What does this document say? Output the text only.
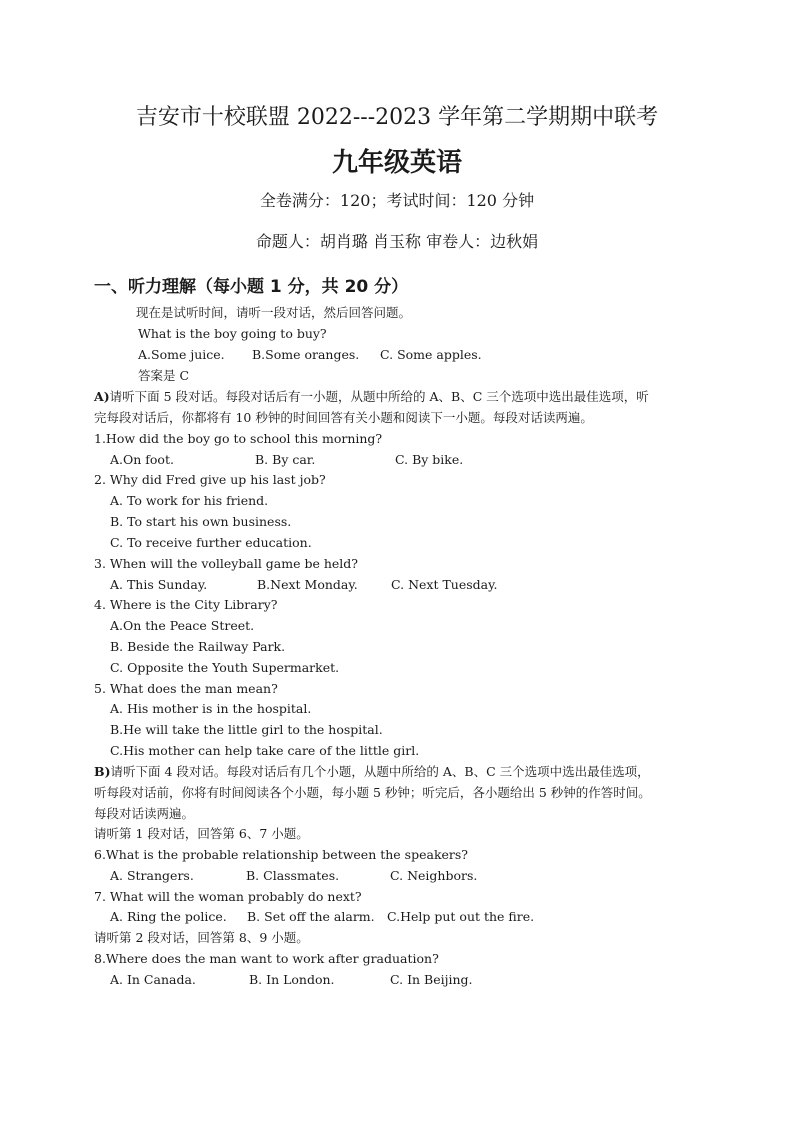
吉安市十校联盟 2022---2023 学年第二学期期中联考
九年级英语
全卷满分：120；考试时间：120 分钟
命题人：胡肖璐 肖玉称 审卷人：边秋娟
一、听力理解（每小题 1 分，共 20 分）
现在是试听时间，请听一段对话，然后回答问题。
What is the boy going to buy?
A.Some juice. B.Some oranges. C. Some apples.
答案是 C
A)请听下面 5 段对话。每段对话后有一小题，从题中所给的 A、B、C 三个选项中选出最佳选项，听
完每段对话后，你都将有 10 秒钟的时间回答有关小题和阅读下一小题。每段对话读两遍。
1.How did the boy go to school this morning?
A.On foot.	B. By car.	C. By bike.
2. Why did Fred give up his last job?
A. To work for his friend.
B. To start his own business.
C. To receive further education.
3. When will the volleyball game be held?
A. This Sunday.	B.Next Monday.	C. Next Tuesday.
4. Where is the City Library?
A.On the Peace Street.
B. Beside the Railway Park.
C. Opposite the Youth Supermarket.
5. What does the man mean?
A. His mother is in the hospital.
B.He will take the little girl to the hospital.
C.His mother can help take care of the little girl.
B)请听下面 4 段对话。每段对话后有几个小题，从题中所给的 A、B、C 三个选项中选出最佳选项，
听每段对话前，你将有时间阅读各个小题，每小题 5 秒钟；听完后，各小题给出 5 秒钟的作答时间。
每段对话读两遍。
请听第 1 段对话，回答第 6、7 小题。
6.What is the probable relationship between the speakers?
A. Strangers.	B. Classmates.	C. Neighbors.
7. What will the woman probably do next?
A. Ring the police. B. Set off the alarm. C.Help put out the fire.
请听第 2 段对话，回答第 8、9 小题。
8.Where does the man want to work after graduation?
A. In Canada.	B. In London.	C. In Beijing.
